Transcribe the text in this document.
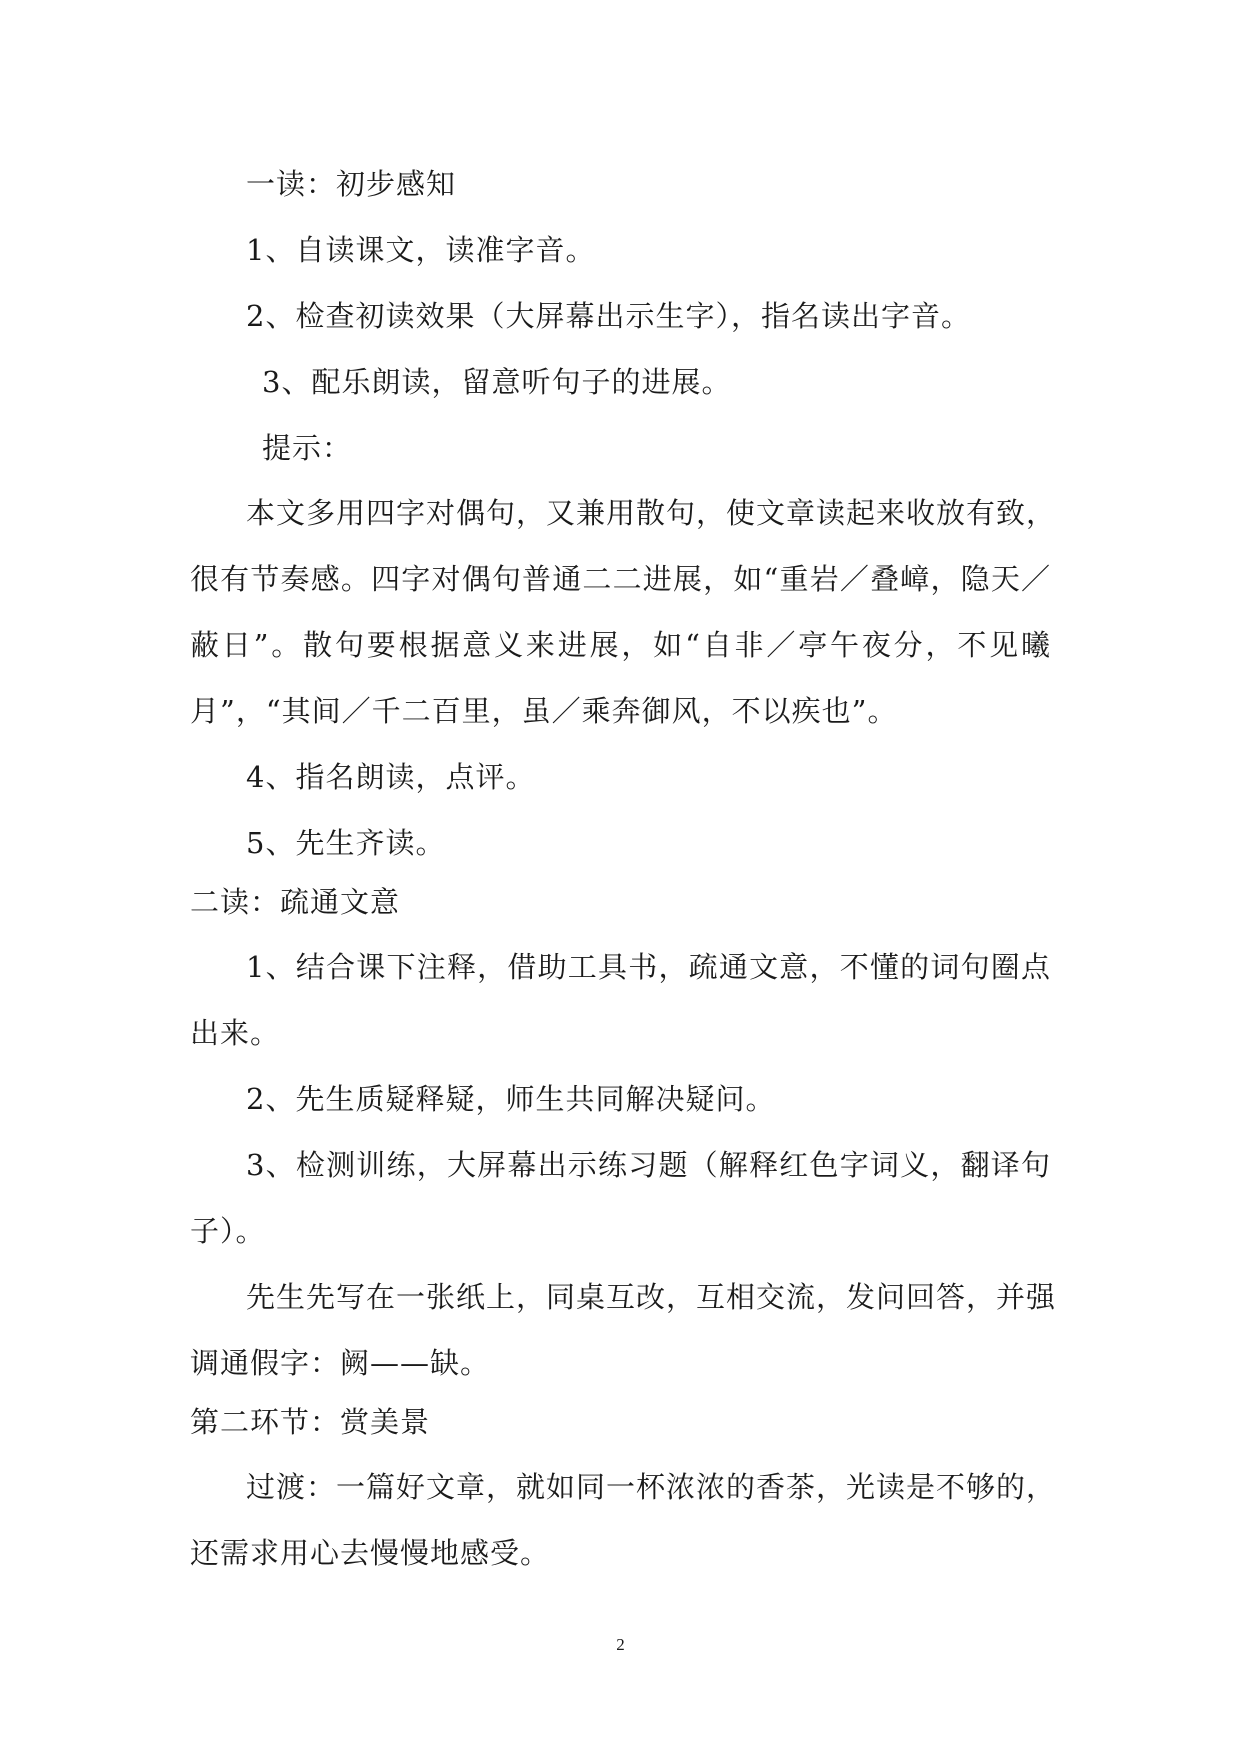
一读：初步感知
1、自读课文，读准字音。
2、检查初读效果（大屏幕出示生字），指名读出字音。
3、配乐朗读，留意听句子的进展。
提示：
本文多用四字对偶句，又兼用散句，使文章读起来收放有致，
很有节奏感。四字对偶句普通二二进展，如“重岩／叠嶂，隐天／
蔽日”。散句要根据意义来进展，如“自非／亭午夜分，不见曦
月”，“其间／千二百里，虽／乘奔御风，不以疾也”。
4、指名朗读，点评。
5、先生齐读。
二读：疏通文意
1、结合课下注释，借助工具书，疏通文意，不懂的词句圈点
出来。
2、先生质疑释疑，师生共同解决疑问。
3、检测训练，大屏幕出示练习题（解释红色字词义，翻译句
子）。
先生先写在一张纸上，同桌互改，互相交流，发问回答，并强
调通假字：阙——缺。
第二环节：赏美景
过渡：一篇好文章，就如同一杯浓浓的香茶，光读是不够的，
还需求用心去慢慢地感受。
2
